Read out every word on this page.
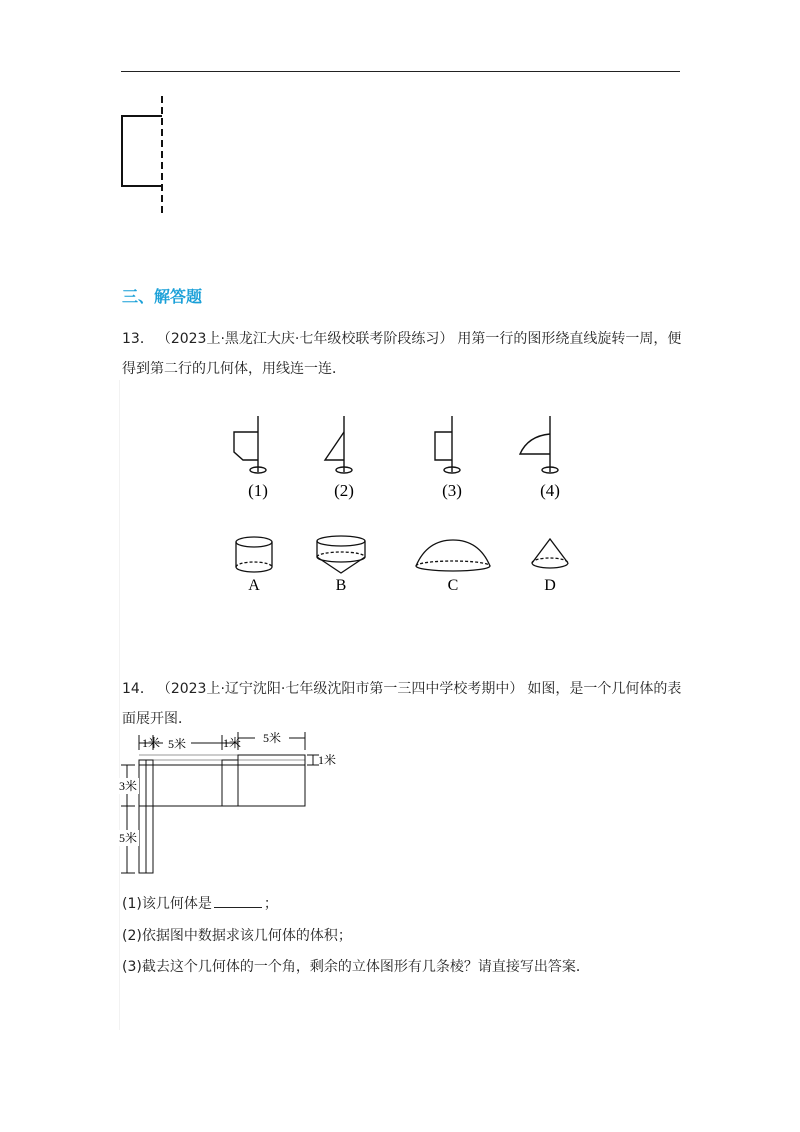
三、解答题

13． （2023上·黑龙江大庆·七年级校联考阶段练习） 用第一行的图形绕直线旋转一周，便得到第二行的几何体，用线连一连．

(1)	(2)	(3)	(4)
A	B	C	D

14． （2023上·辽宁沈阳·七年级沈阳市第一三四中学校考期中） 如图，是一个几何体的表面展开图．

1米 5米	1米 5米
1米
3米
5米

(1)该几何体是	；

(2)依据图中数据求该几何体的体积；

(3)截去这个几何体的一个角，剩余的立体图形有几条棱？请直接写出答案．
